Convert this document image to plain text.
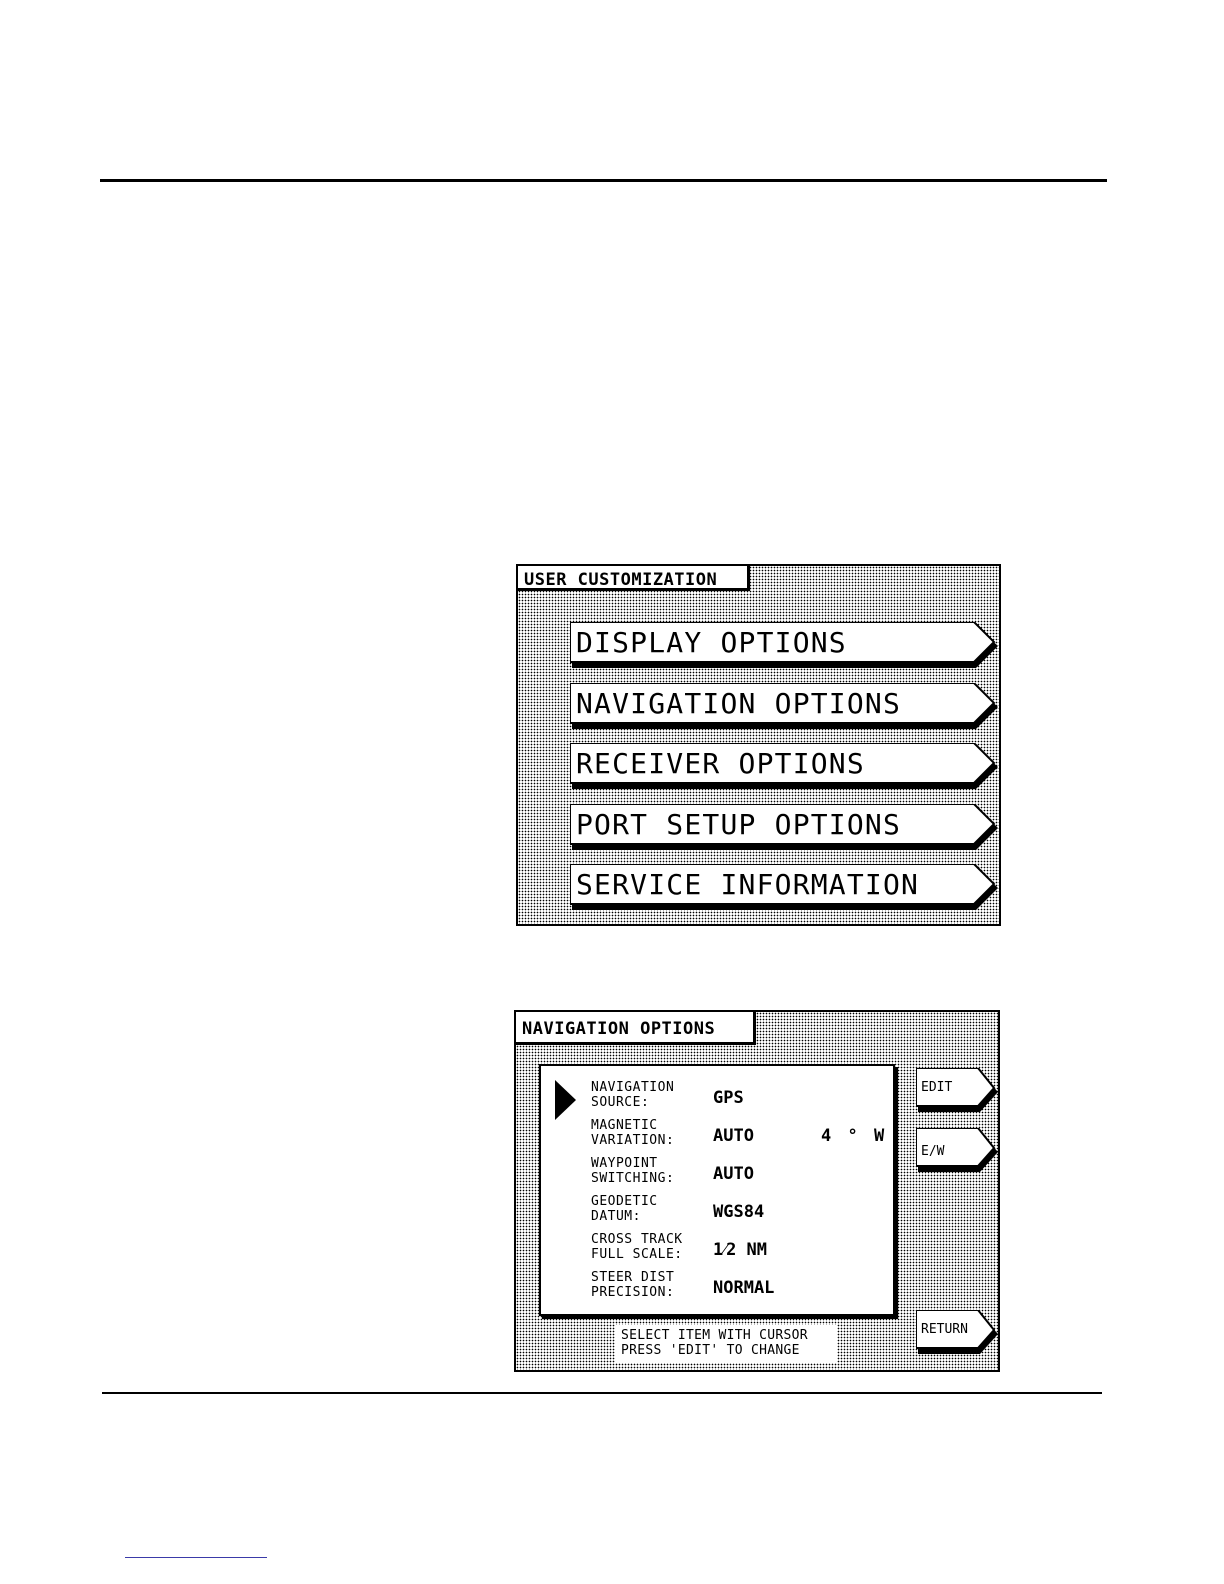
USER CUSTOMIZATION
DISPLAY OPTIONS
NAVIGATION OPTIONS
RECEIVER OPTIONS
PORT SETUP OPTIONS
SERVICE INFORMATION
NAVIGATION OPTIONS
NAVIGATION
SOURCE:	GPS
MAGNETIC
VARIATION: AUTO	4 ° W
WAYPOINT
SWITCHING: AUTO
GEODETIC
DATUM:	WGS84
CROSS TRACK
FULL SCALE: 1⁄2 NM
STEER DIST
PRECISION: NORMAL
EDIT
E/W
RETURN
SELECT ITEM WITH CURSOR
PRESS 'EDIT' TO CHANGE
